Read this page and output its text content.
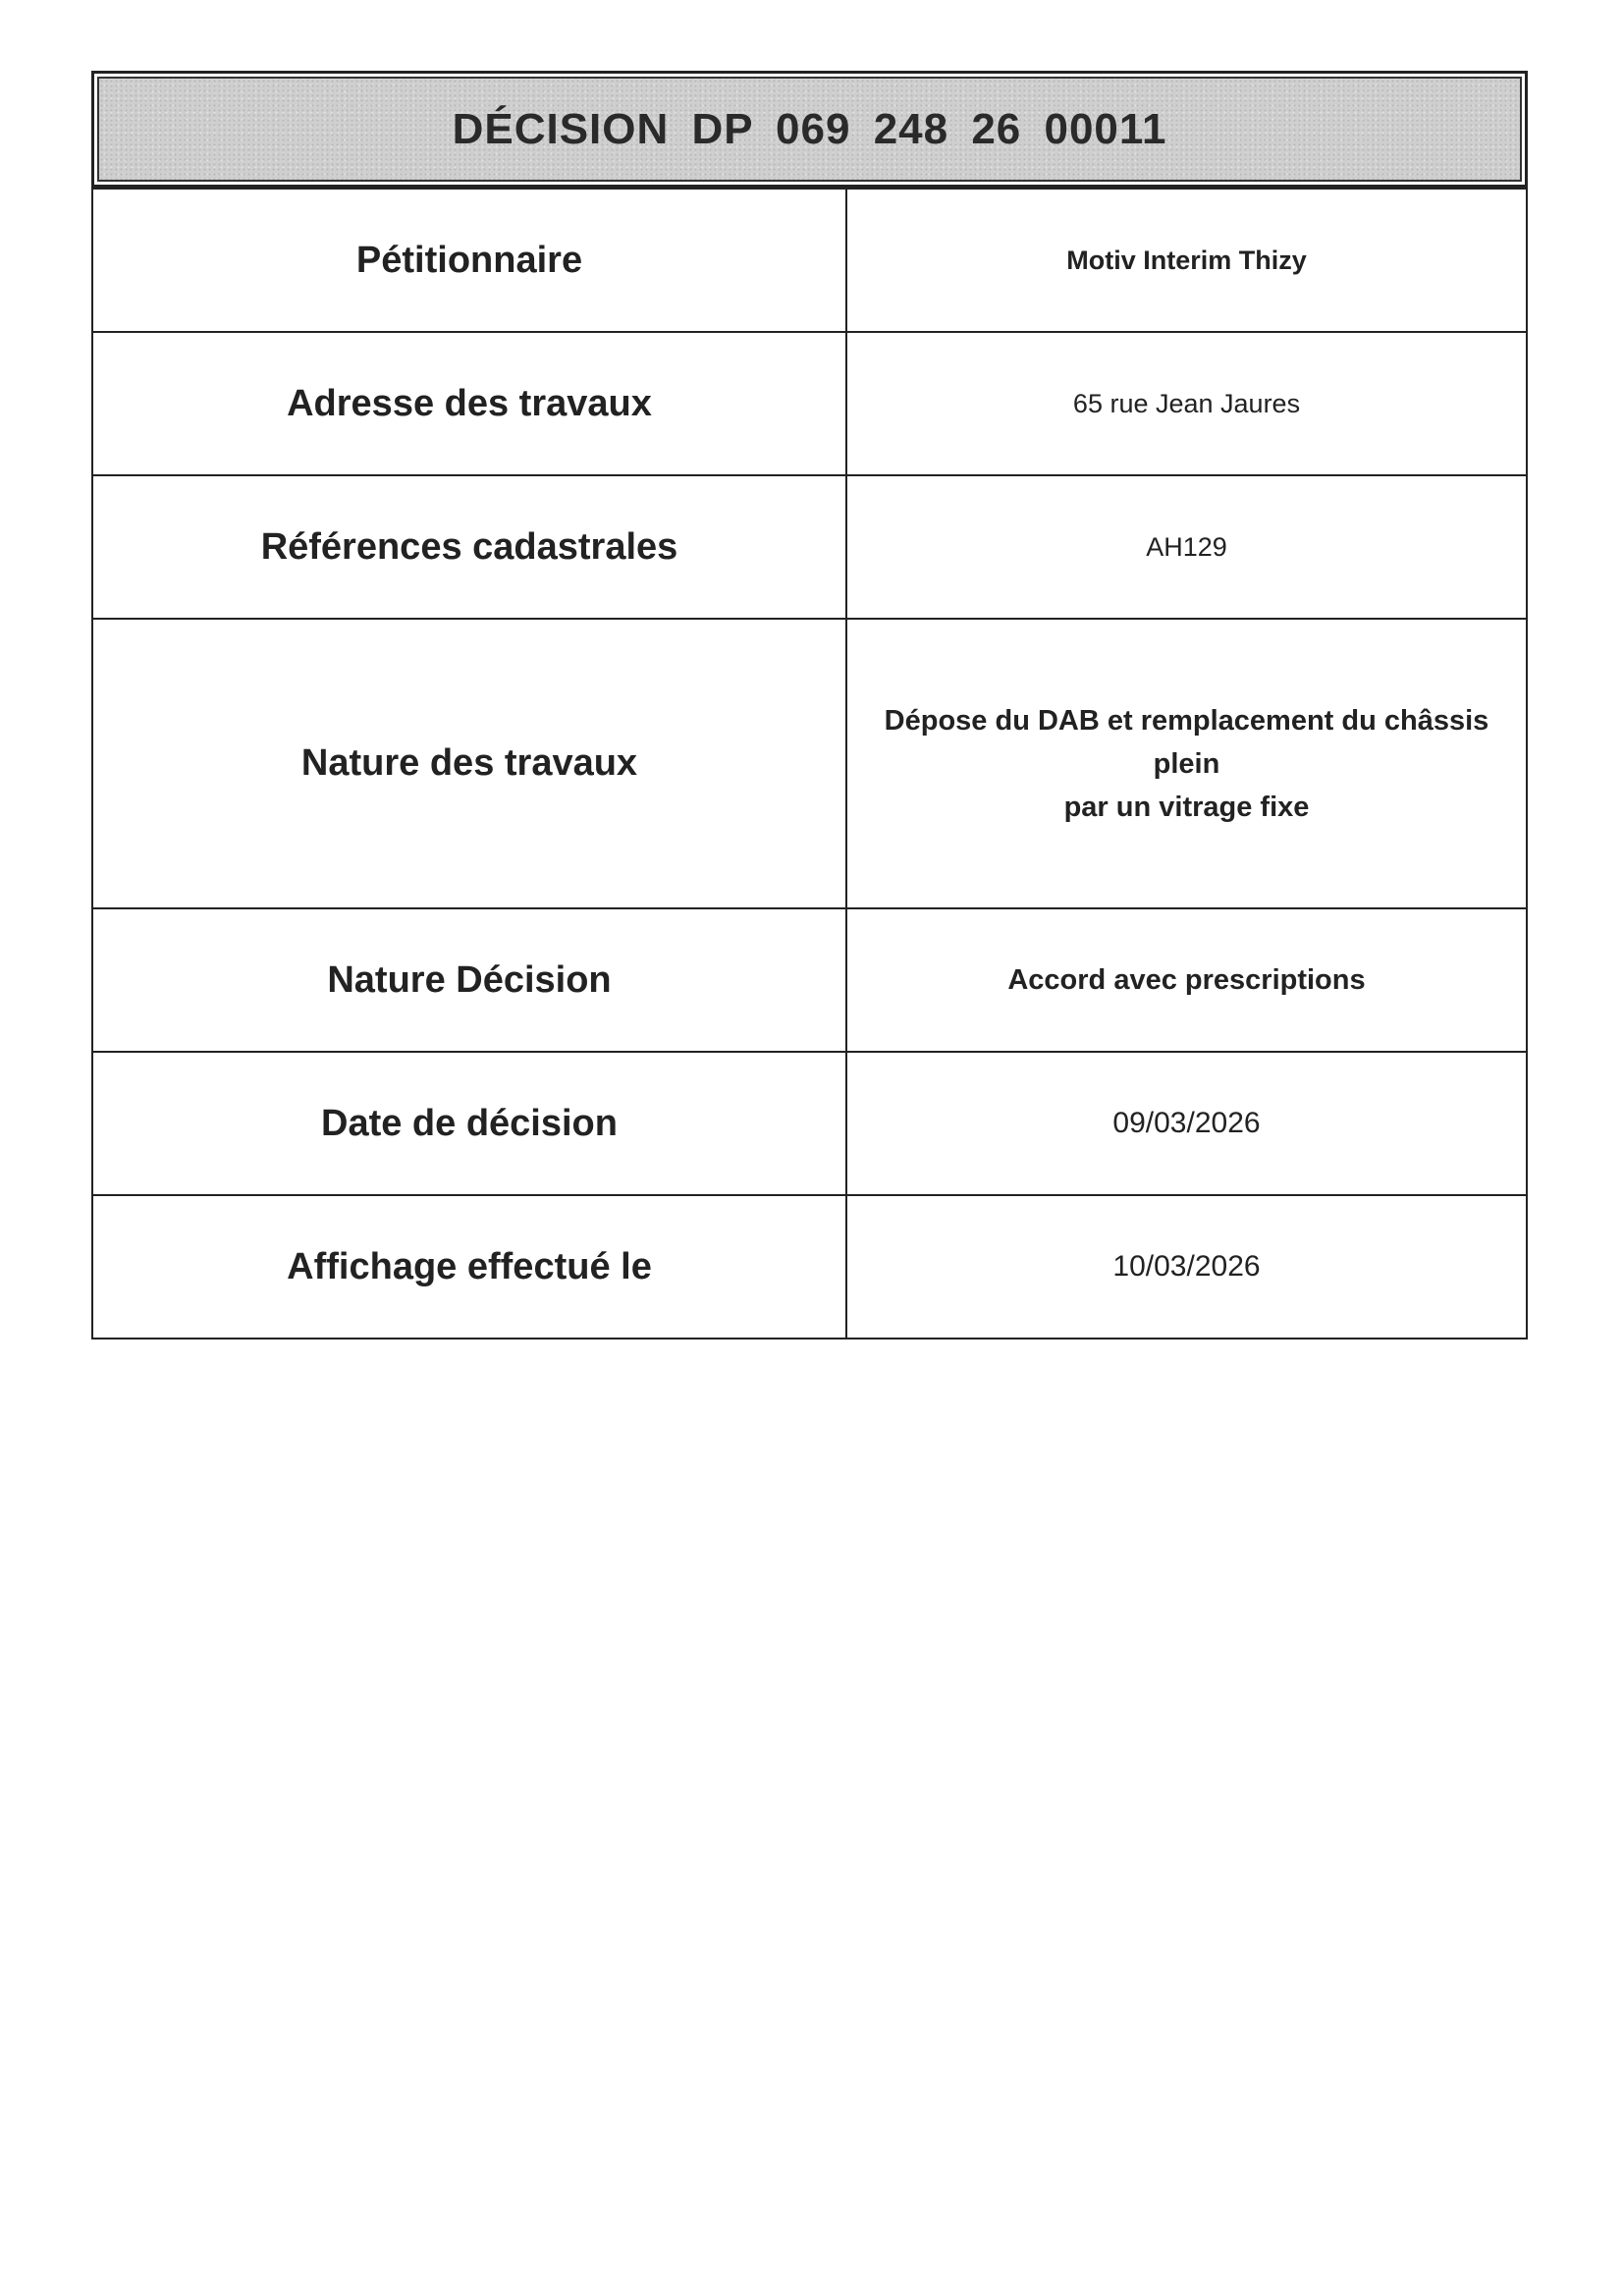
DÉCISION DP 069 248 26 00011
Pétitionnaire	Motiv Interim Thizy
Adresse des travaux	65 rue Jean Jaures
Références cadastrales	AH129
Nature des travaux	Dépose du DAB et remplacement du châssis plein
par un vitrage fixe

Nature Décision	Accord avec prescriptions
Date de décision	09/03/2026
Affichage effectué le	10/03/2026
